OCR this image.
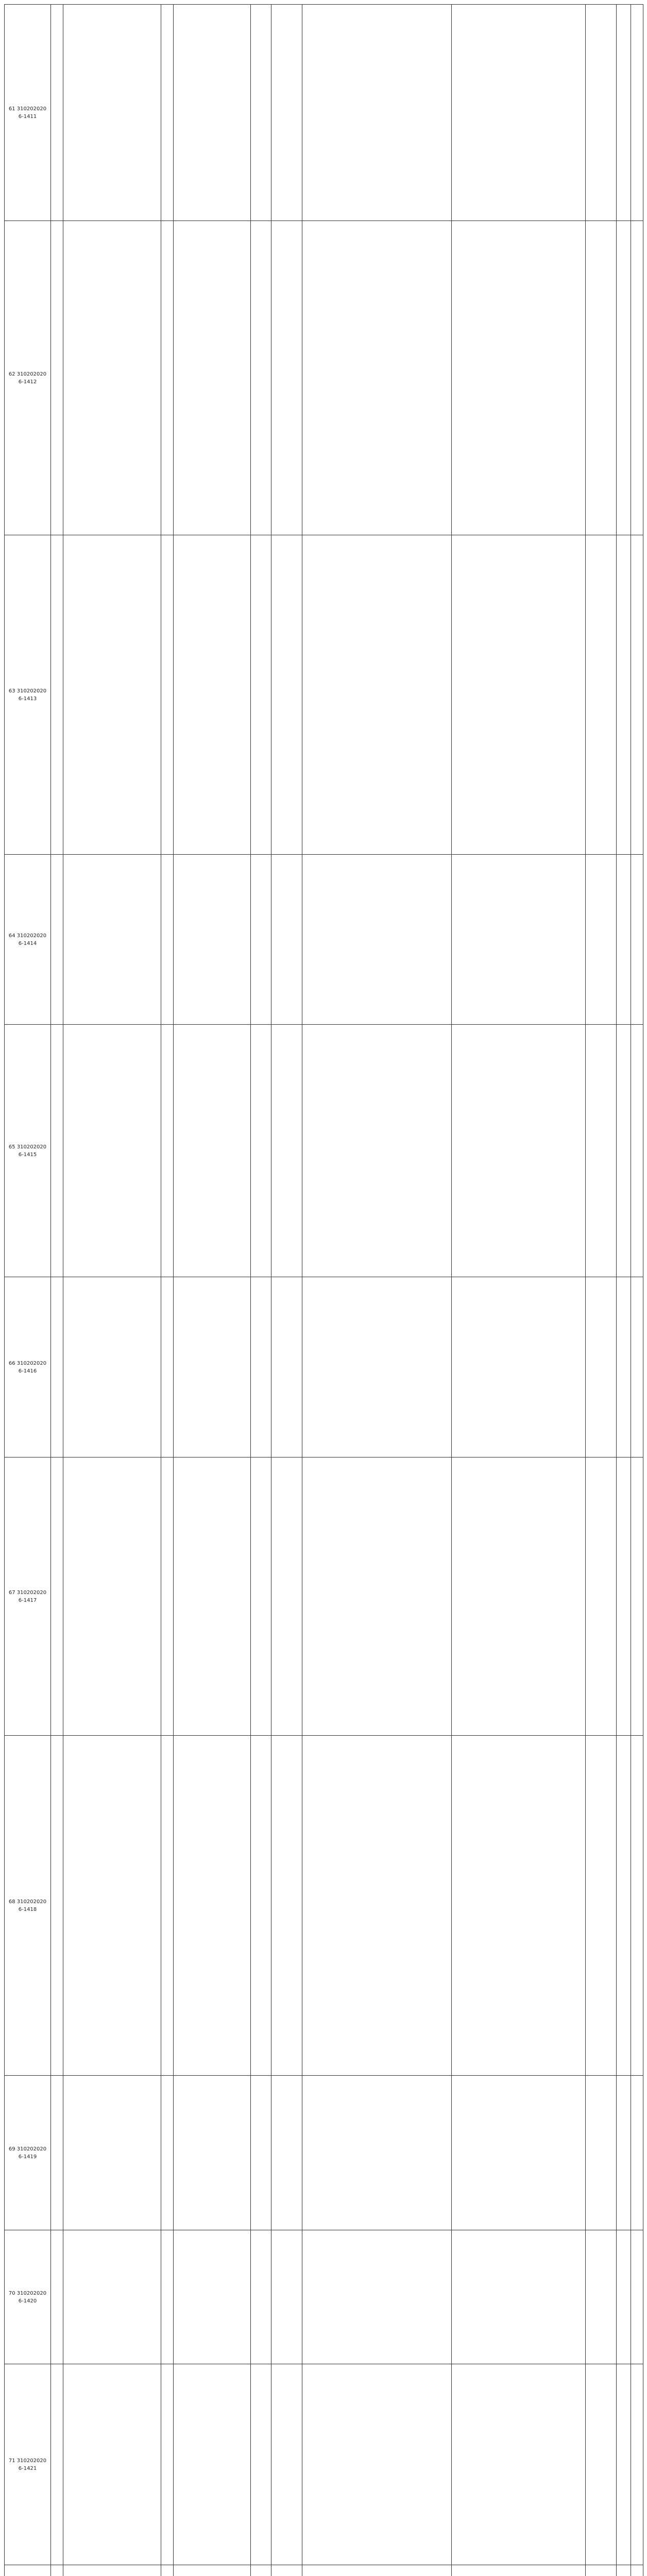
61 3102020206-1411											
62 3102020206-1412											
63 3102020206-1413											
64 3102020206-1414											
65 3102020206-1415											
66 3102020206-1416											
67 3102020206-1417											
68 3102020206-1418											
69 3102020206-1419											
70 3102020206-1420											
71 3102020206-1421											
